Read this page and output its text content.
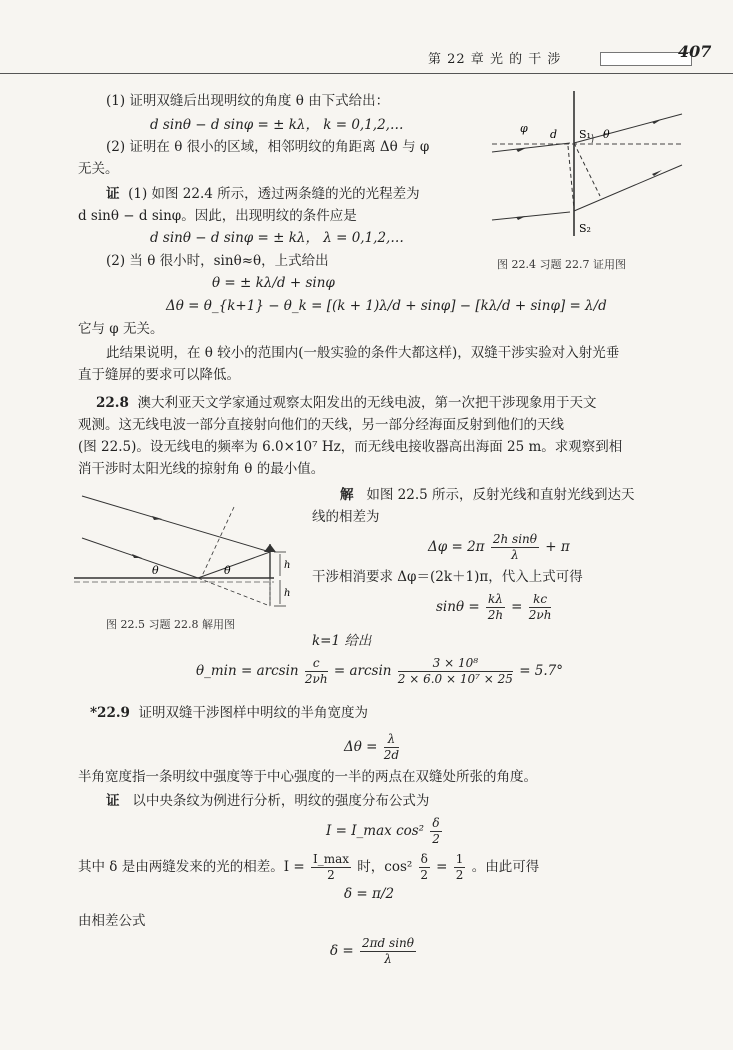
第 22 章 光 的 干 涉	407
(1) 证明双缝后出现明纹的角度 θ 由下式给出：
d sinθ − d sinφ = ± kλ， k = 0,1,2,…
(2) 证明在 θ 很小的区域，相邻明纹的角距离 Δθ 与 φ
无关。
证 (1) 如图 22.4 所示，透过两条缝的光的光程差为
d sinθ − d sinφ。因此，出现明纹的条件应是
d sinθ − d sinφ = ± kλ， λ = 0,1,2,…
(2) 当 θ 很小时，sinθ≈θ，上式给出
θ = ± kλ/d + sinφ
Δθ = θ_{k+1} − θ_k = [(k + 1)λ/d + sinφ] − [kλ/d + sinφ] = λ/d
它与 φ 无关。
此结果说明，在 θ 较小的范围内(一般实验的条件大都这样)，双缝干涉实验对入射光垂
直于缝屏的要求可以降低。
φ d S₁ θ
S₂
图 22.4 习题 22.7 证用图
22.8 澳大利亚天文学家通过观察太阳发出的无线电波，第一次把干涉现象用于天文
观测。这无线电波一部分直接射向他们的天线，另一部分经海面反射到他们的天线
(图 22.5)。设无线电的频率为 6.0×10⁷ Hz，而无线电接收器高出海面 25 m。求观察到相
消干涉时太阳光线的掠射角 θ 的最小值。
解 如图 22.5 所示，反射光线和直射光线到达天
线的相差为
$\Delta\varphi = 2\pi \frac{\text{2h sinθ}}{\lambda} + \pi$
干涉相消要求 Δφ＝(2k＋1)π，代入上式可得
$\sin\theta = \frac{k\lambda}{2h} = \frac{kc}{2\nu h}$
k=1 给出
θ_min = $\arcsin \frac{c}{2\nu h} = \arcsin \frac{\text{3 × 10⁸}}{\text{2 × 6.0 × 10⁷ × 25}} = 5.7^\circ$
θ	θ	h
h
图 22.5 习题 22.8 解用图
*22.9 证明双缝干涉图样中明纹的半角宽度为
$\Delta\theta = \frac{\lambda}{2d}$
半角宽度指一条明纹中强度等于中心强度的一半的两点在双缝处所张的角度。
证 以中央条纹为例进行分析，明纹的强度分布公式为
I = I_max $\cos^2 \frac{\delta}{2}$
其中 δ 是由两缝发来的光的相差。$I = \frac{I\_\max}{2}$ 时，$\cos^2 \frac{\delta}{2} = \frac{1}{2}$ 。由此可得
δ = π/2
由相差公式
$\delta = \frac{\text{2πd sinθ}}{\lambda}$
